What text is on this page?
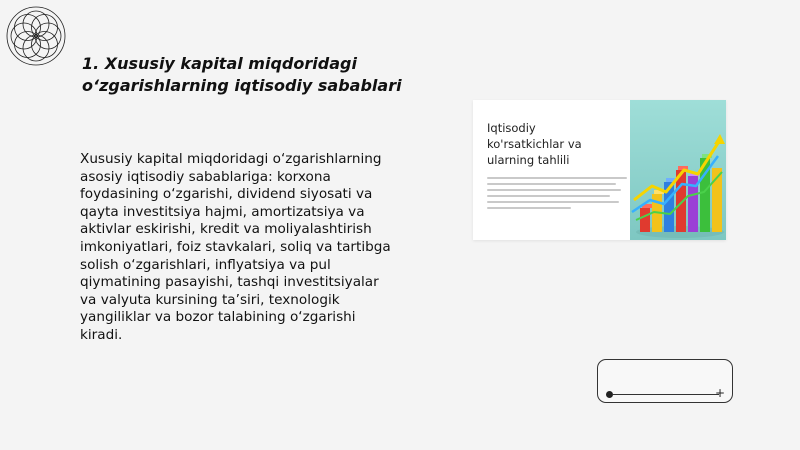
1. Xususiy kapital miqdoridagi
o‘zgarishlarning iqtisodiy sabablari
Xususiy kapital miqdoridagi o‘zgarishlarning
asosiy iqtisodiy sabablariga: korxona
foydasining o‘zgarishi, dividend siyosati va
qayta investitsiya hajmi, amortizatsiya va
aktivlar eskirishi, kredit va moliyalashtirish
imkoniyatlari, foiz stavkalari, soliq va tartibga
solish o‘zgarishlari, inflyatsiya va pul
qiymatining pasayishi, tashqi investitsiyalar
va valyuta kursining ta’siri, texnologik
yangiliklar va bozor talabining o‘zgarishi
kiradi.
Iqtisodiy
ko'rsatkichlar va
ularning tahlili
+
